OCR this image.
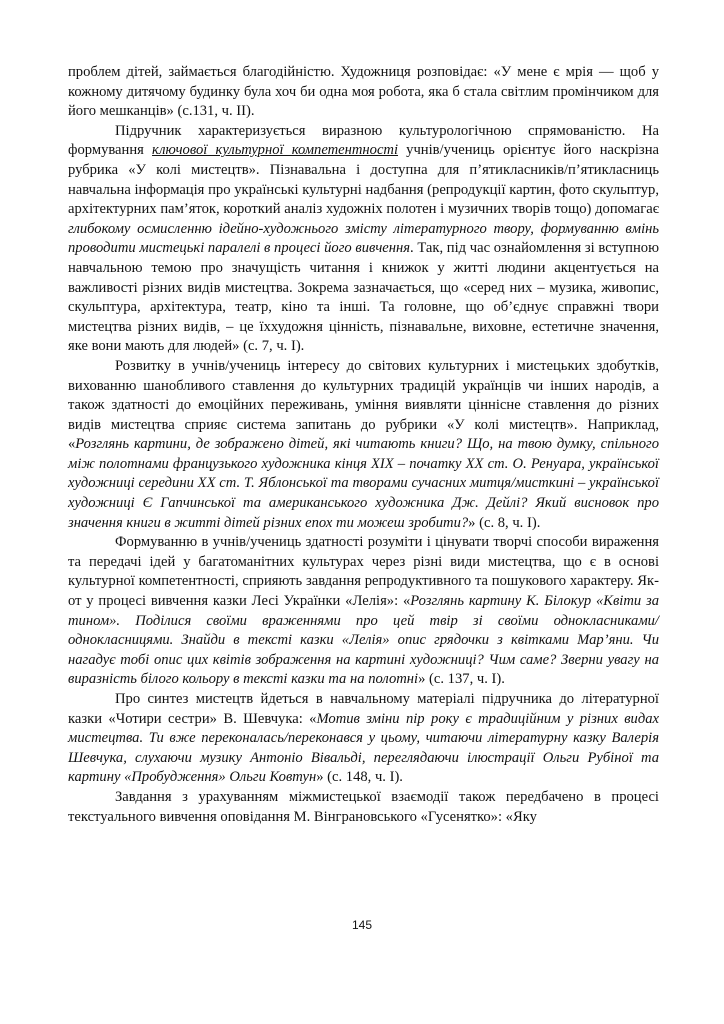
проблем дітей, займається благодійністю. Художниця розповідає: «У мене є мрія — щоб у кожному дитячому будинку була хоч би одна моя робота, яка б стала світлим промінчиком для його мешканців» (с.131, ч. ІІ).

Підручник характеризується виразною культурологічною спрямованістю. На формування ключової культурної компетентності учнів/учениць орієнтує його наскрізна рубрика «У колі мистецтв». Пізнавальна і доступна для п’ятикласників/п’ятикласниць навчальна інформація про українські культурні надбання (репродукції картин, фото скульптур, архітектурних пам’яток, короткий аналіз художніх полотен і музичних творів тощо) допомагає глибокому осмисленню ідейно-художнього змісту літературного твору, формуванню вмінь проводити мистецькі паралелі в процесі його вивчення. Так, під час ознайомлення зі вступною навчальною темою про значущість читання і книжок у житті людини акцентується на важливості різних видів мистецтва. Зокрема зазначається, що «серед них – музика, живопис, скульптура, архітектура, театр, кіно та інші. Та головне, що об’єднує справжні твори мистецтва різних видів, – це їххудожня цінність, пізнавальне, виховне, естетичне значення, яке вони мають для людей» (с. 7, ч. І).

Розвитку в учнів/учениць інтересу до світових культурних і мистецьких здобутків, вихованню шанобливого ставлення до культурних традицій українців чи інших народів, а також здатності до емоційних переживань, уміння виявляти ціннісне ставлення до різних видів мистецтва сприяє система запитань до рубрики «У колі мистецтв». Наприклад, «Розглянь картини, де зображено дітей, які читають книги? Що, на твою думку, спільного між полотнами французького художника кінця ХІХ – початку ХХ ст. О. Ренуара, української художниці середини ХХ ст. Т. Яблонської та творами сучасних митця/мисткині – української художниці Є Гапчинської та американського художника Дж. Дейлі? Який висновок про значення книги в житті дітей різних епох ти можеш зробити?» (с. 8, ч. І).

Формуванню в учнів/учениць здатності розуміти і цінувати творчі способи вираження та передачі ідей у багатоманітних культурах через різні види мистецтва, що є в основі культурної компетентності, сприяють завдання репродуктивного та пошукового характеру. Як-от у процесі вивчення казки Лесі Українки «Лелія»: «Розглянь картину К. Білокур «Квіти за тином». Поділися своїми враженнями про цей твір зі своїми однокласниками/однокласницями. Знайди в тексті казки «Лелія» опис грядочки з квітками Мар’яни. Чи нагадує тобі опис цих квітів зображення на картині художниці? Чим саме? Зверни увагу на виразність білого кольору в тексті казки та на полотні» (с. 137, ч. І).

Про синтез мистецтв йдеться в навчальному матеріалі підручника до літературної казки «Чотири сестри» В. Шевчука: «Мотив зміни пір року є традиційним у різних видах мистецтва. Ти вже переконалась/переконався у цьому, читаючи літературну казку Валерія Шевчука, слухаючи музику Антоніо Вівальді, переглядаючи ілюстрації Ольги Рубіної та картину «Пробудження» Ольги Ковтун» (с. 148, ч. І).

Завдання з урахуванням міжмистецької взаємодії також передбачено в процесі текстуального вивчення оповідання М. Вінграновського «Гусенятко»: «Яку

145
